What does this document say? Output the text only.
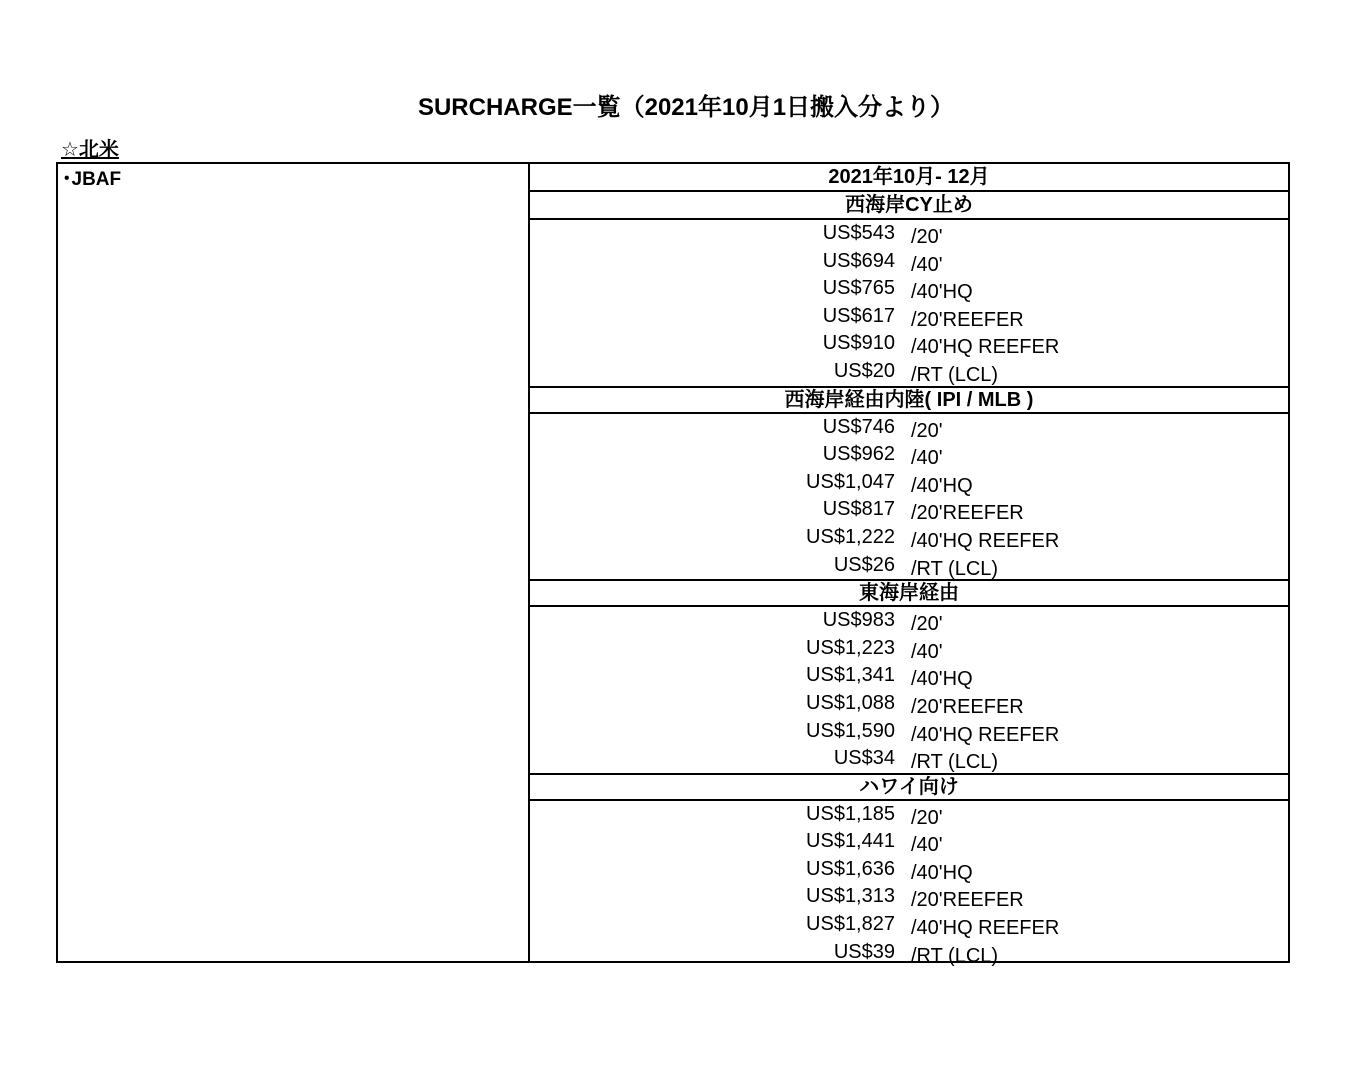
SURCHARGE一覧（2021年10月1日搬入分より）
☆北米
･JBAF	2021年10月- 12月
西海岸CY止め
US$543 /20'
US$694 /40'
US$765 /40'HQ
US$617 /20'REEFER
US$910 /40'HQ REEFER
US$20 /RT (LCL)
西海岸経由内陸( IPI / MLB )
US$746 /20'
US$962 /40'
US$1,047 /40'HQ
US$817 /20'REEFER
US$1,222 /40'HQ REEFER
US$26 /RT (LCL)
東海岸経由
US$983 /20'
US$1,223 /40'
US$1,341 /40'HQ
US$1,088 /20'REEFER
US$1,590 /40'HQ REEFER
US$34 /RT (LCL)
ハワイ向け
US$1,185 /20'
US$1,441 /40'
US$1,636 /40'HQ
US$1,313 /20'REEFER
US$1,827 /40'HQ REEFER
US$39 /RT (LCL)
